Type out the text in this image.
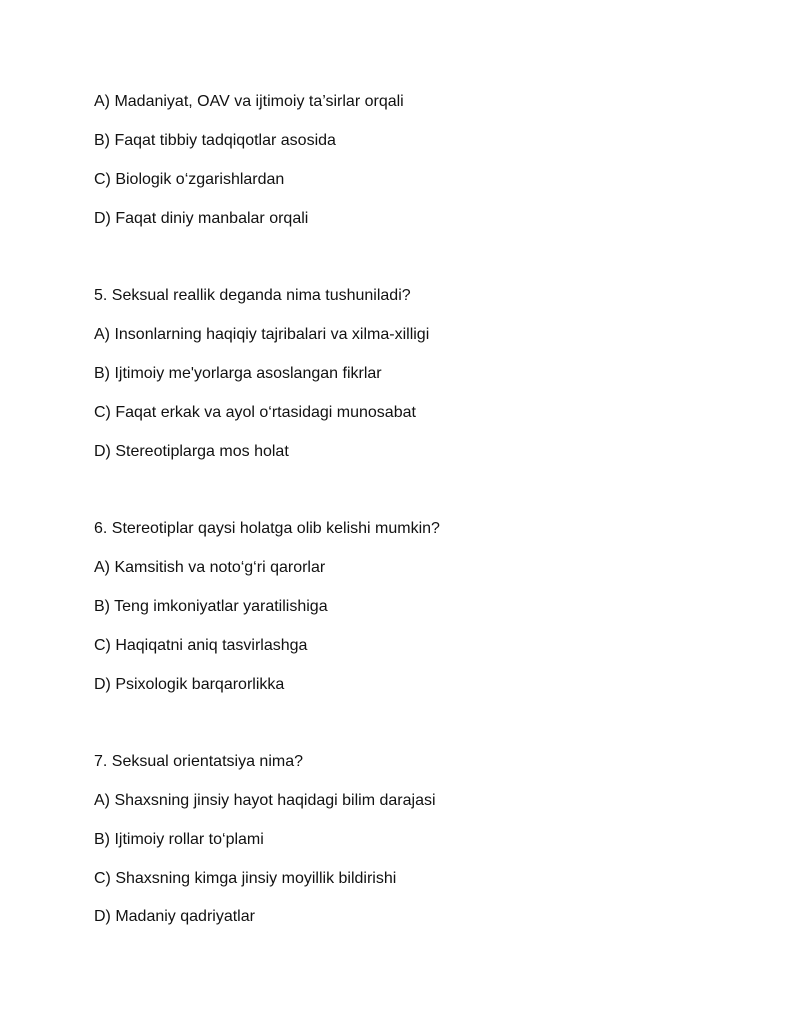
A) Madaniyat, OAV va ijtimoiy ta’sirlar orqali
B) Faqat tibbiy tadqiqotlar asosida
C) Biologik o‘zgarishlardan
D) Faqat diniy manbalar orqali
5. Seksual reallik deganda nima tushuniladi?
A) Insonlarning haqiqiy tajribalari va xilma-xilligi
B) Ijtimoiy me'yorlarga asoslangan fikrlar
C) Faqat erkak va ayol o‘rtasidagi munosabat
D) Stereotiplarga mos holat
6. Stereotiplar qaysi holatga olib kelishi mumkin?
A) Kamsitish va noto‘g‘ri qarorlar
B) Teng imkoniyatlar yaratilishiga
C) Haqiqatni aniq tasvirlashga
D) Psixologik barqarorlikka
7. Seksual orientatsiya nima?
A) Shaxsning jinsiy hayot haqidagi bilim darajasi
B) Ijtimoiy rollar to‘plami
C) Shaxsning kimga jinsiy moyillik bildirishi
D) Madaniy qadriyatlar
